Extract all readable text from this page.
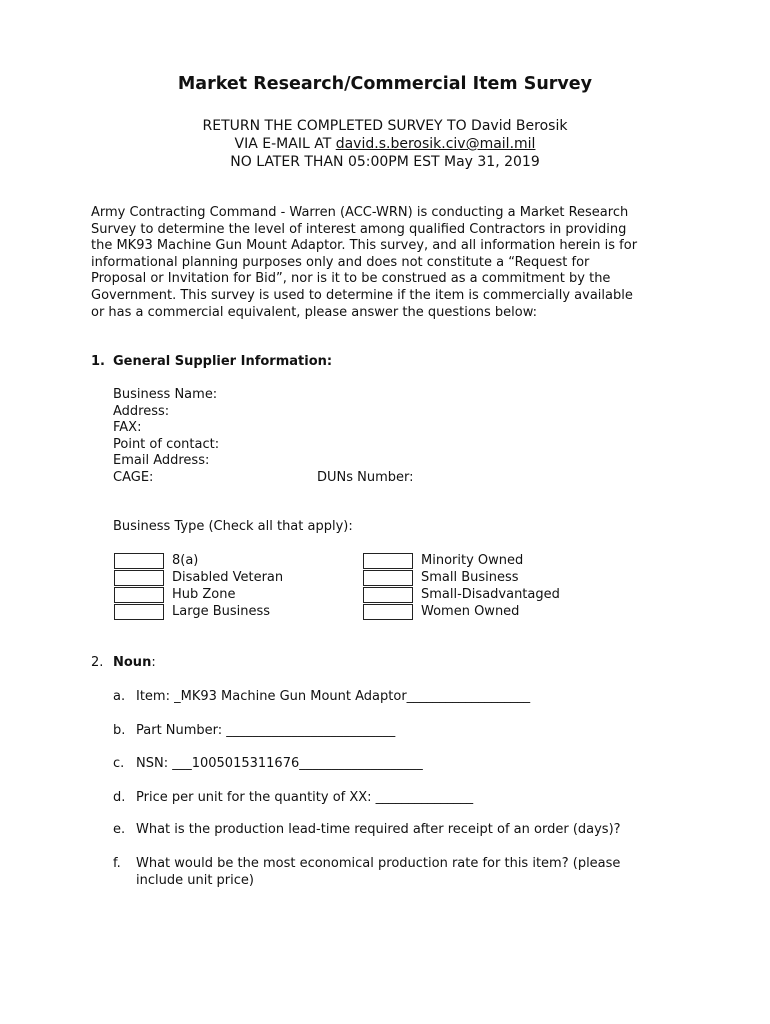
Market Research/Commercial Item Survey
RETURN THE COMPLETED SURVEY TO David Berosik
VIA E-MAIL AT david.s.berosik.civ@mail.mil
NO LATER THAN 05:00PM EST May 31, 2019
Army Contracting Command - Warren (ACC-WRN) is conducting a Market Research
Survey to determine the level of interest among qualified Contractors in providing
the MK93 Machine Gun Mount Adaptor. This survey, and all information herein is for
informational planning purposes only and does not constitute a “Request for
Proposal or Invitation for Bid”, nor is it to be construed as a commitment by the
Government. This survey is used to determine if the item is commercially available
or has a commercial equivalent, please answer the questions below:
1. General Supplier Information:
Business Name:
Address:
FAX:
Point of contact:
Email Address:
CAGE:	DUNs Number:
Business Type (Check all that apply):
8(a)
Disabled Veteran
Hub Zone
Large Business
Minority Owned
Small Business
Small-Disadvantaged
Women Owned
2. Noun:
a. Item: _MK93 Machine Gun Mount Adaptor___________________
b. Part Number: __________________________
c. NSN: ___1005015311676___________________
d. Price per unit for the quantity of XX: _______________
e. What is the production lead-time required after receipt of an order (days)?
f. What would be the most economical production rate for this item? (please
include unit price)
